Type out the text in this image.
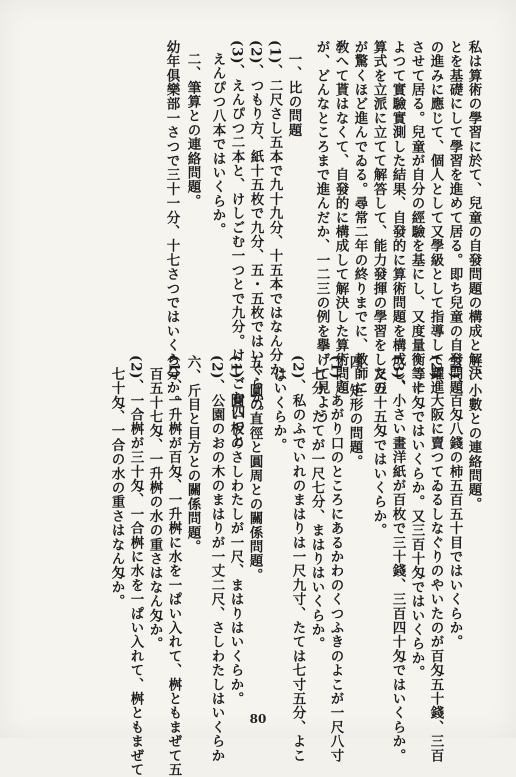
私は算術の學習に於て、兒童の自發問題の構成と解決
とを基礎にして學習を進めて居る。即ち兒童の自發問題
の進みに應じて、個人として又學級として指導して躍進
させて居る。兒童が自分の經驗を基にし、又度量衡等に
よつて實驗實測した結果、自發的に算術問題を構成し、
算式を立派に立てて解答して、能力發揮の學習をしたの
が驚くほど進んでゐる。尋常二年の終りまでに、教師に
敎へて貰はなくて、自發的に構成して解決した算術問題
が、どんなところまで進んだか、一二三の例を擧げて見よう
一、比の問題
(1)、二尺さし五本で九十九分、十五本ではなん分か。
(2)、つもり方、紙十五枚で九分、五・五枚ではいくらか。
(3)、えんぴつ二本と、けしごむ一つとで九分。けしごむ四つと
えんぴつ八本ではいくらか。
二、筆算との連絡問題。
幼年俱樂部一さつで三十一分、十七さつではいくら分か。
三、小數との連絡問題。
(1)、百匁八錢の柿五百五十目ではいくらか。
(2)、大阪に賣つてゐるしなぐりのやいたのが百匁五十錢、三百
二十匁ではいくらか。又三百十匁ではいくらか。
(3)、小さい畫洋紙が百枚で三十錢、三百四十匁ではいくらか。
又五十五匁ではいくらか。
四、矩形の問題。
(1)、あがり口のところにあるかわのくつふきのよこが一尺八寸
七分、たてが一尺七分、まはりはいくらか。
(2)、私のふでいれのまはりは一尺九寸、たては七寸五分、よこ
はいくらか。
五、圓の直徑と圓周との關係問題。
(1)、圓い板のさしわたしが一尺、まはりはいくらか。
(2)、公園のおの木のまはりが一丈二尺、さしわたしはいくらか
六、斤目と目方との關係問題。
(1)、一升桝が百匁、一升桝に水を一ぱい入れて、桝ともまぜて五
百五十七匁、一升桝の水の重さはなん匁か。
(2)、一合桝が三十匁、一合桝に水を一ぱい入れて、桝ともまぜて
七十匁、一合の水の重さはなん匁か。
80
